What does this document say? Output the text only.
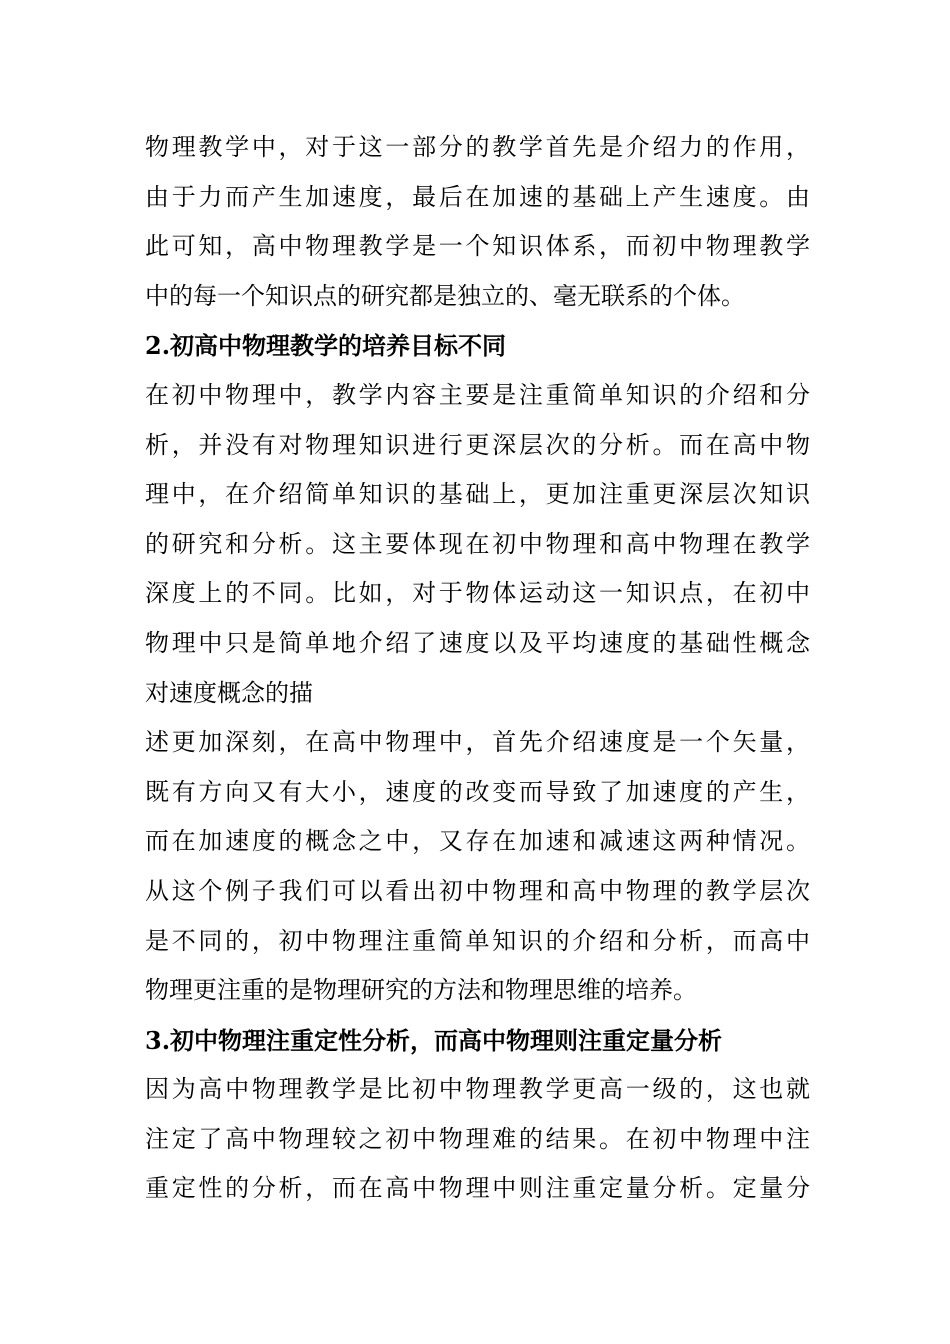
物理教学中，对于这一部分的教学首先是介绍力的作用，
由于力而产生加速度，最后在加速的基础上产生速度。由
此可知，高中物理教学是一个知识体系，而初中物理教学
中的每一个知识点的研究都是独立的、毫无联系的个体。
2.初高中物理教学的培养目标不同
在初中物理中，教学内容主要是注重简单知识的介绍和分
析，并没有对物理知识进行更深层次的分析。而在高中物
理中，在介绍简单知识的基础上，更加注重更深层次知识
的研究和分析。这主要体现在初中物理和高中物理在教学
深度上的不同。比如，对于物体运动这一知识点，在初中
物理中只是简单地介绍了速度以及平均速度的基础性概念
对速度概念的描
述更加深刻，在高中物理中，首先介绍速度是一个矢量，
既有方向又有大小，速度的改变而导致了加速度的产生，
而在加速度的概念之中，又存在加速和减速这两种情况。
从这个例子我们可以看出初中物理和高中物理的教学层次
是不同的，初中物理注重简单知识的介绍和分析，而高中
物理更注重的是物理研究的方法和物理思维的培养。
3.初中物理注重定性分析，而高中物理则注重定量分析
因为高中物理教学是比初中物理教学更高一级的，这也就
注定了高中物理较之初中物理难的结果。在初中物理中注
重定性的分析，而在高中物理中则注重定量分析。定量分
